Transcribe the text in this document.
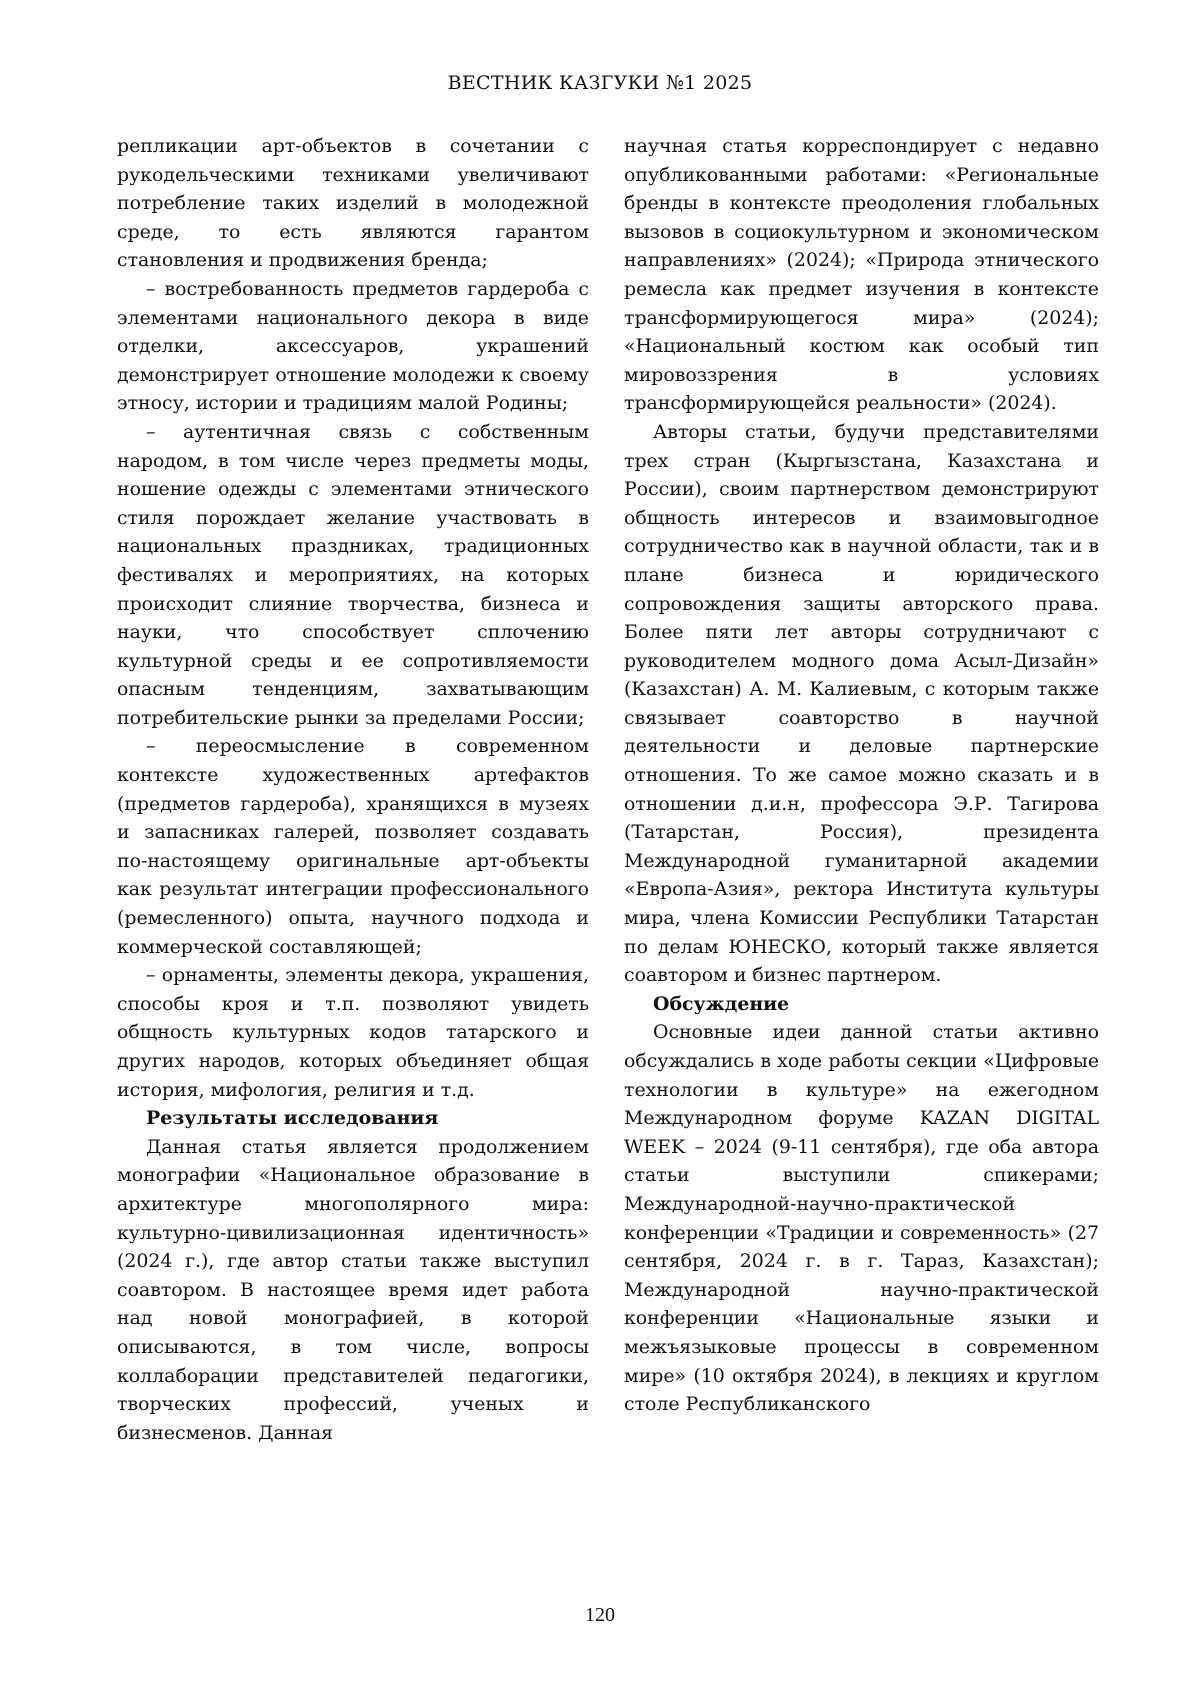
ВЕСТНИК КАЗГУКИ №1 2025

репликации арт-объектов в сочетании с рукодельческими техниками увеличивают потребление таких изделий в молодежной среде, то есть являются гарантом становления и продвижения бренда;

– востребованность предметов гардероба с элементами национального декора в виде отделки, аксессуаров, украшений демонстрирует отношение молодежи к своему этносу, истории и традициям малой Родины;

– аутентичная связь с собственным народом, в том числе через предметы моды, ношение одежды с элементами этнического стиля порождает желание участвовать в национальных праздниках, традиционных фестивалях и мероприятиях, на которых происходит слияние творчества, бизнеса и науки, что способствует сплочению культурной среды и ее сопротивляемости опасным тенденциям, захватывающим потребительские рынки за пределами России;

– переосмысление в современном контексте художественных артефактов (предметов гардероба), хранящихся в музеях и запасниках галерей, позволяет создавать по-настоящему оригинальные арт-объекты как результат интеграции профессионального (ремесленного) опыта, научного подхода и коммерческой составляющей;

– орнаменты, элементы декора, украшения, способы кроя и т.п. позволяют увидеть общность культурных кодов татарского и других народов, которых объединяет общая история, мифология, религия и т.д.

Результаты исследования

Данная статья является продолжением монографии «Национальное образование в архитектуре многополярного мира: культурно-цивилизационная идентичность» (2024 г.), где автор статьи также выступил соавтором. В настоящее время идет работа над новой монографией, в которой описываются, в том числе, вопросы коллаборации представителей педагогики, творческих профессий, ученых и бизнесменов. Данная

научная статья корреспондирует с недавно опубликованными работами: «Региональные бренды в контексте преодоления глобальных вызовов в социокультурном и экономическом направлениях» (2024); «Природа этнического ремесла как предмет изучения в контексте трансформирующегося мира» (2024); «Национальный костюм как особый тип мировоззрения в условиях трансформирующейся реальности» (2024).

Авторы статьи, будучи представителями трех стран (Кыргызстана, Казахстана и России), своим партнерством демонстрируют общность интересов и взаимовыгодное сотрудничество как в научной области, так и в плане бизнеса и юридического сопровождения защиты авторского права. Более пяти лет авторы сотрудничают с руководителем модного дома Асыл-Дизайн» (Казахстан) А. М. Калиевым, с которым также связывает соавторство в научной деятельности и деловые партнерские отношения. То же самое можно сказать и в отношении д.и.н, профессора Э.Р. Тагирова (Татарстан, Россия), президента Международной гуманитарной академии «Европа-Азия», ректора Института культуры мира, члена Комиссии Республики Татарстан по делам ЮНЕСКО, который также является соавтором и бизнес партнером.

Обсуждение

Основные идеи данной статьи активно обсуждались в ходе работы секции «Цифровые технологии в культуре» на ежегодном Международном форуме KAZAN DIGITAL WEEK – 2024 (9-11 сентября), где оба автора статьи выступили спикерами; Международной-научно-практической конференции «Традиции и современность» (27 сентября, 2024 г. в г. Тараз, Казахстан); Международной научно-практической конференции «Национальные языки и межъязыковые процессы в современном мире» (10 октября 2024), в лекциях и круглом столе Республиканского

120
